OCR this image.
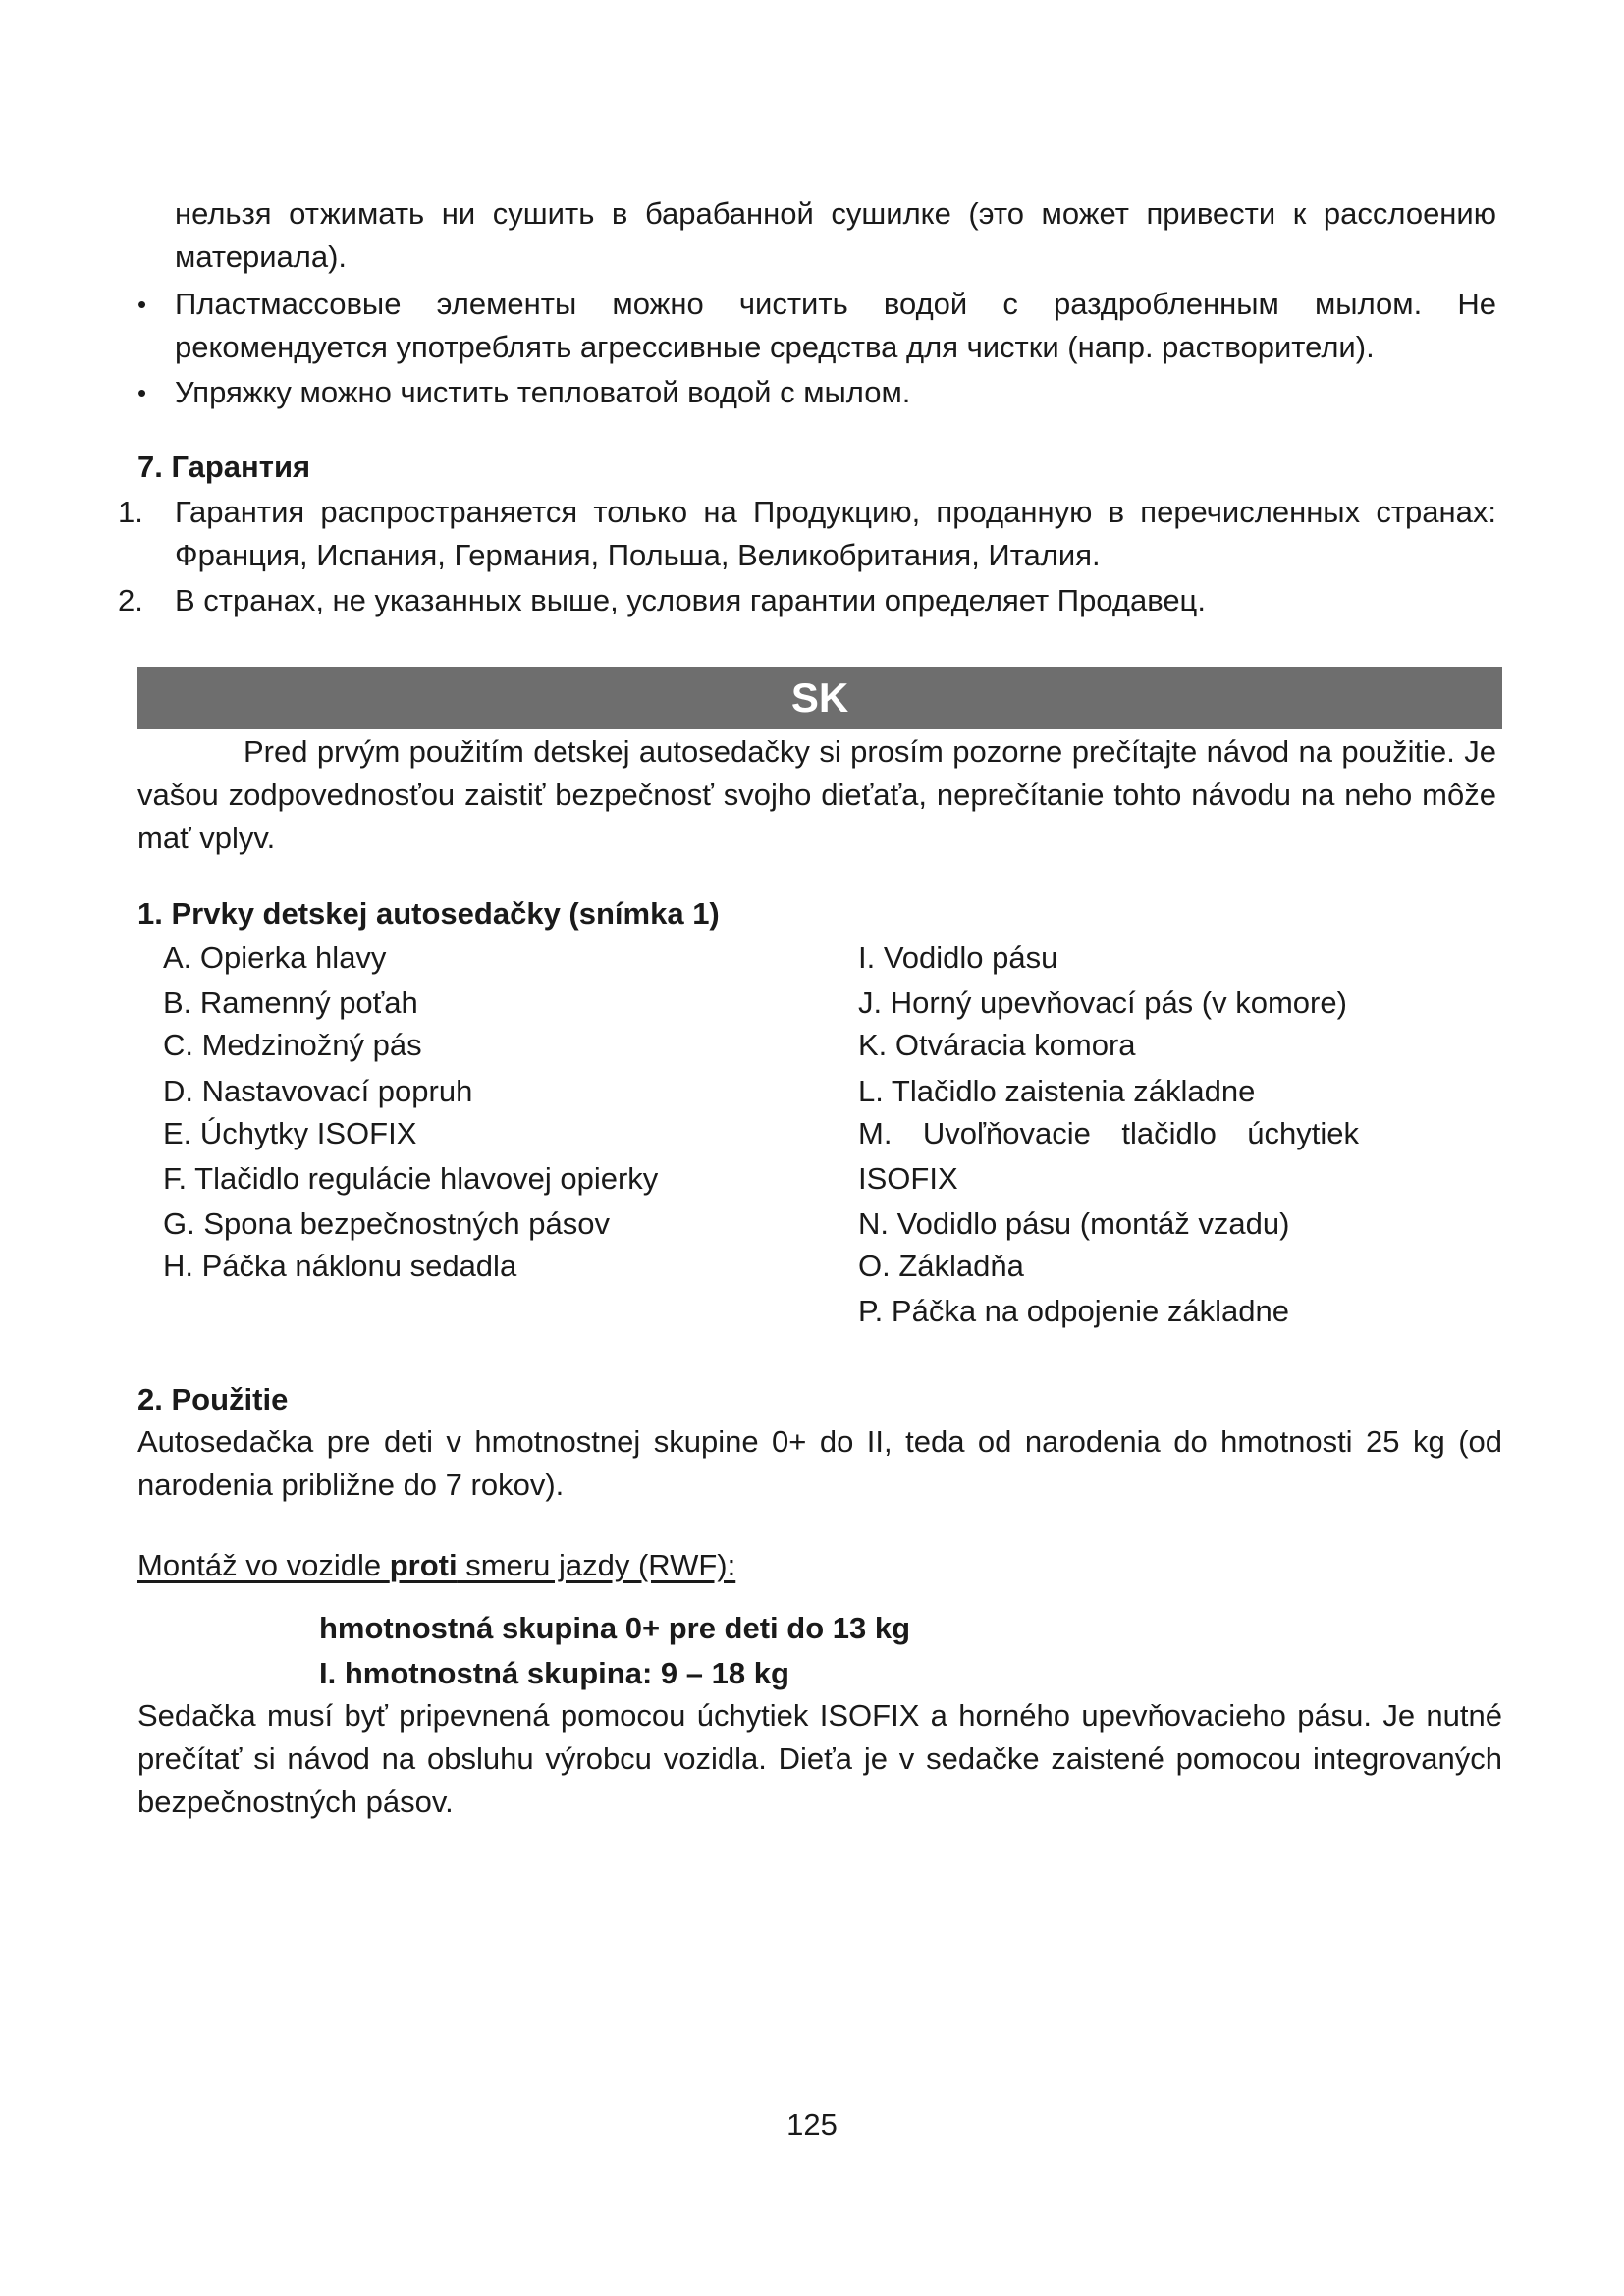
нельзя отжимать ни сушить в барабанной сушилке (это может привести к расслоению материала).

• Пластмассовые элементы можно чистить водой с раздробленным мылом. Не рекомендуется употреблять агрессивные средства для чистки (напр. растворители).

• Упряжку можно чистить тепловатой водой с мылом.

7. Гарантия
1. Гарантия распространяется только на Продукцию, проданную в перечисленных странах: Франция, Испания, Германия, Польша, Великобритания, Италия.

2. В странах, не указанных выше, условия гарантии определяет Продавец.

SK

Pred prvým použitím detskej autosedačky si prosím pozorne prečítajte návod na použitie. Je vašou zodpovednosťou zaistiť bezpečnosť svojho dieťaťa, neprečítanie tohto návodu na neho môže mať vplyv.

1. Prvky detskej autosedačky (snímka 1)
A. Opierka hlavy
B. Ramenný poťah
C. Medzinožný pás
D. Nastavovací popruh
E. Úchytky ISOFIX
F. Tlačidlo regulácie hlavovej opierky
G. Spona bezpečnostných pásov
H. Páčka náklonu sedadla
I. Vodidlo pásu
J. Horný upevňovací pás (v komore)
K. Otváracia komora
L. Tlačidlo zaistenia základne
M. Uvoľňovacie tlačidlo úchytiek
ISOFIX
N. Vodidlo pásu (montáž vzadu)
O. Základňa
P. Páčka na odpojenie základne
2. Použitie

Autosedačka pre deti v hmotnostnej skupine 0+ do II, teda od narodenia do hmotnosti 25 kg (od narodenia približne do 7 rokov).

Montáž vo vozidle proti smeru jazdy (RWF):
hmotnostná skupina 0+ pre deti do 13 kg
I. hmotnostná skupina: 9 – 18 kg

Sedačka musí byť pripevnená pomocou úchytiek ISOFIX a horného upevňovacieho pásu. Je nutné prečítať si návod na obsluhu výrobcu vozidla. Dieťa je v sedačke zaistené pomocou integrovaných bezpečnostných pásov.

125
